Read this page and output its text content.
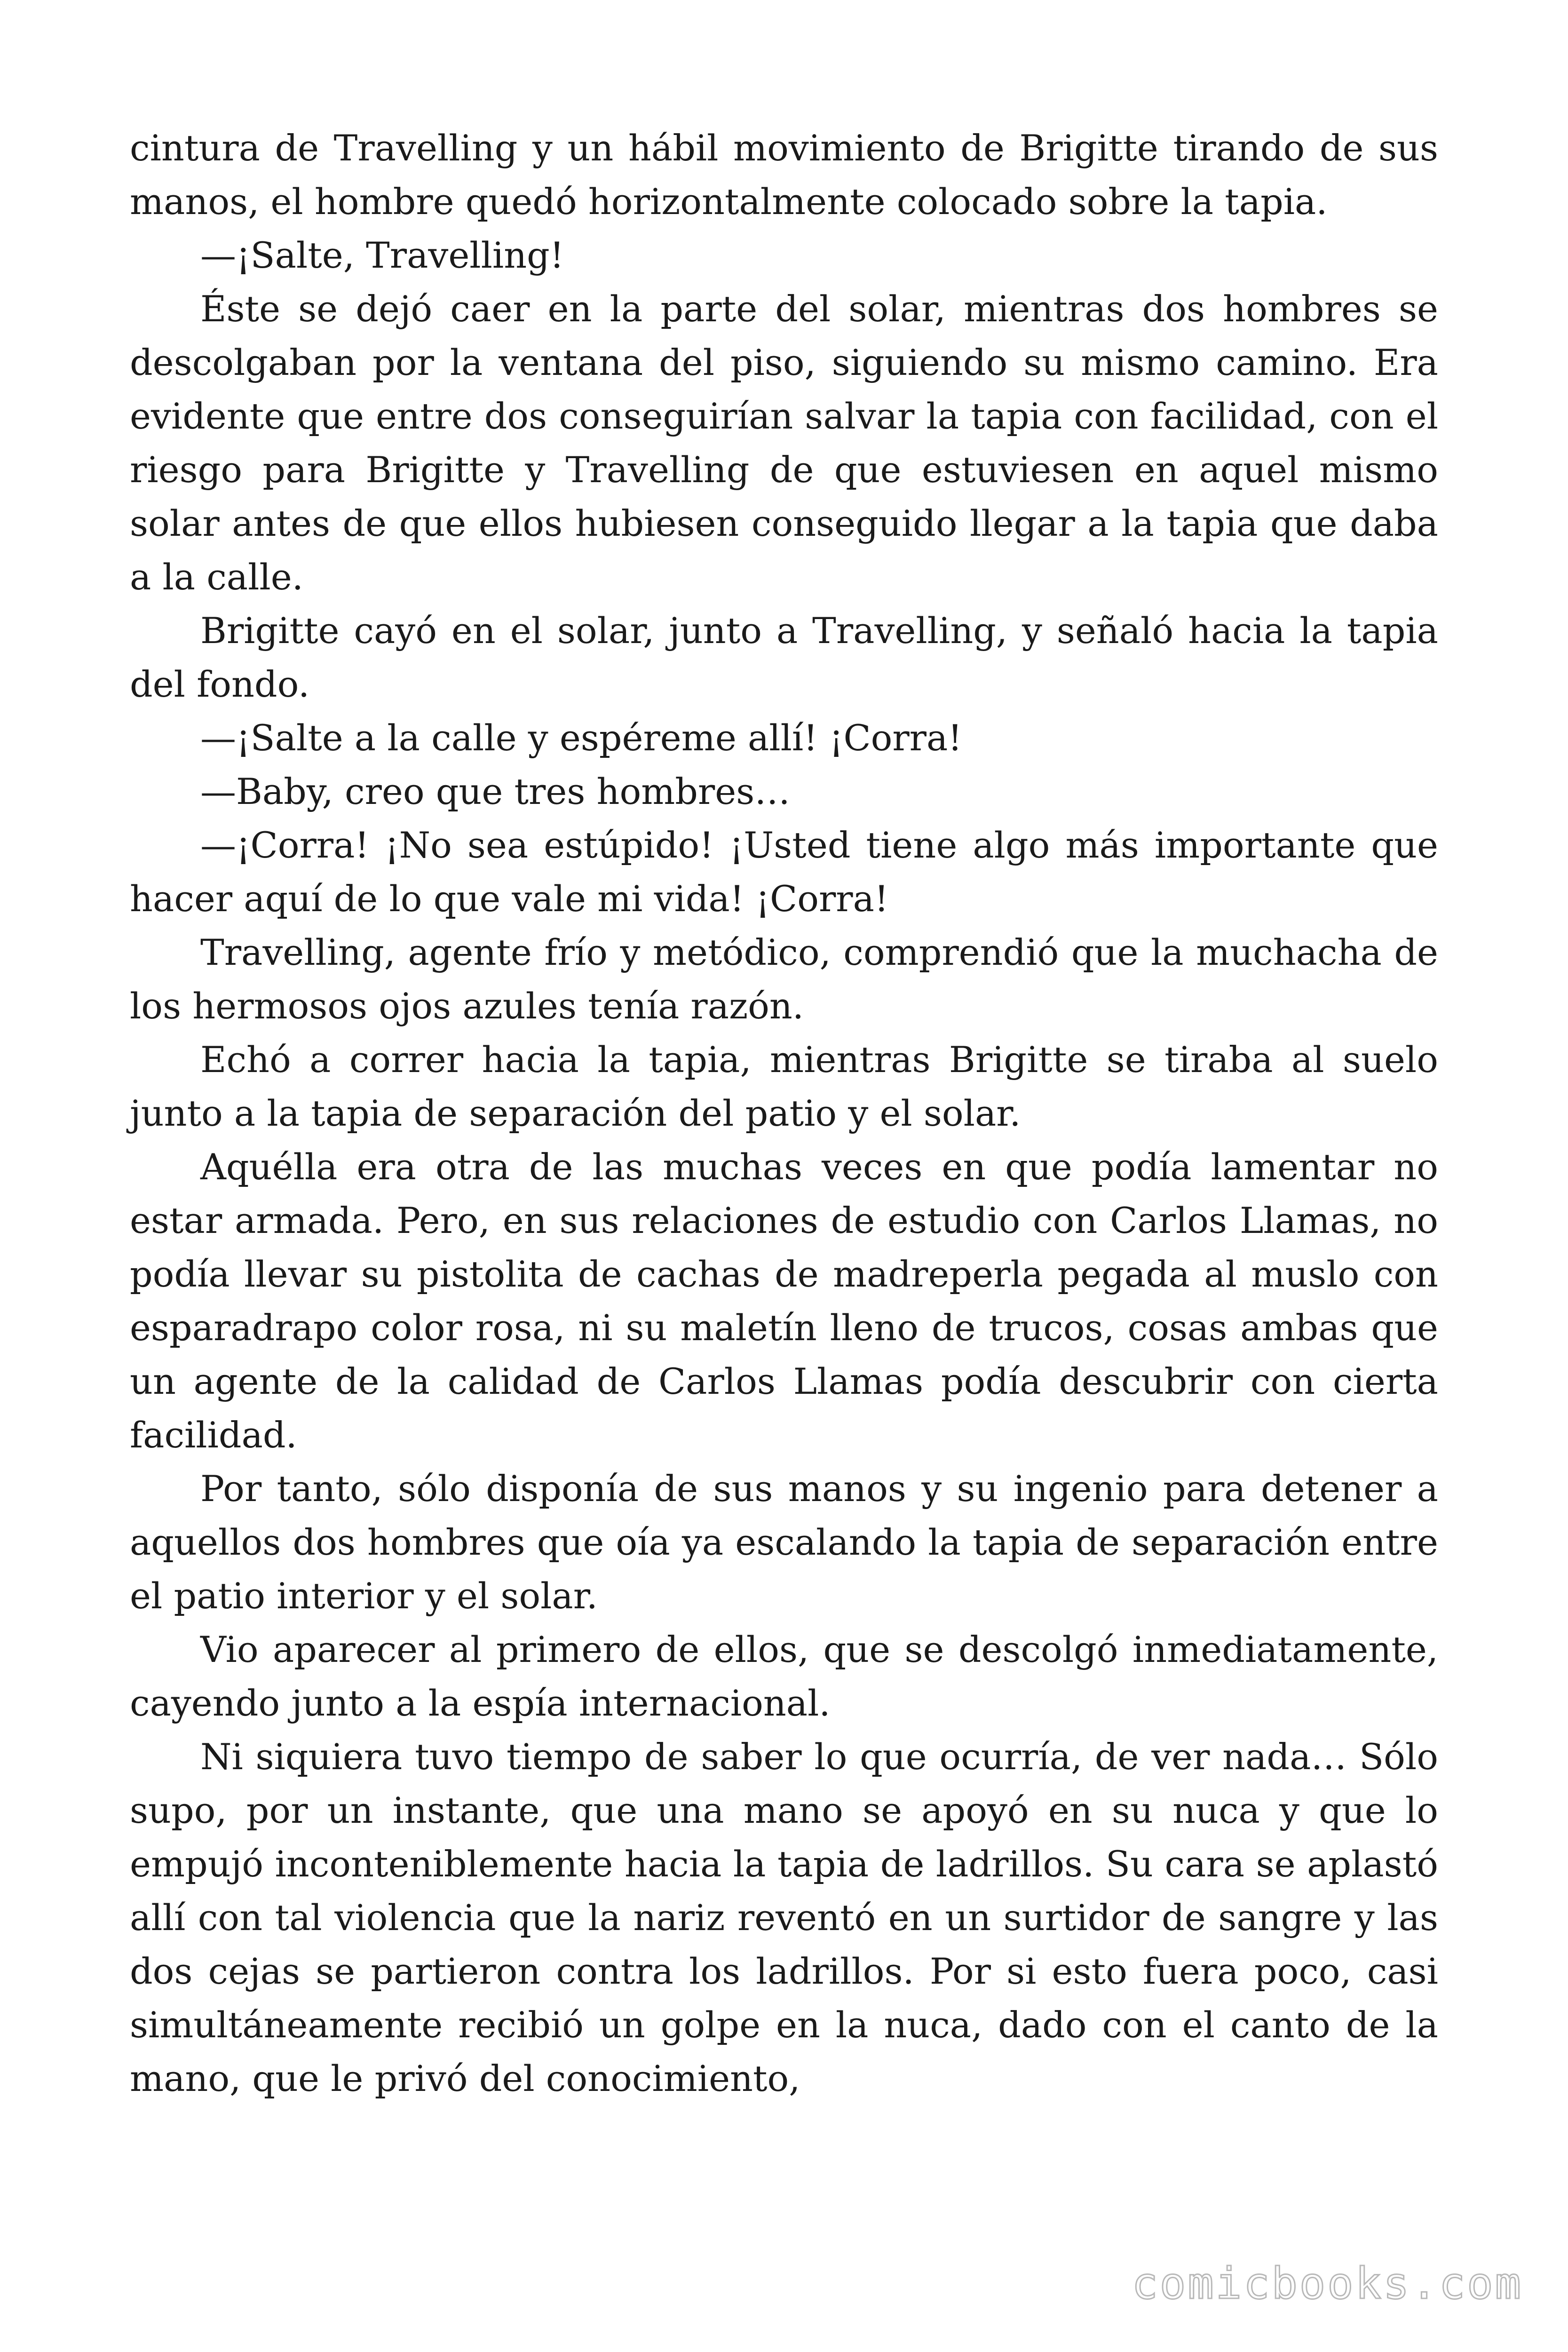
cintura de Travelling y un hábil movimiento de Brigitte tirando de sus manos, el hombre quedó horizontalmente colocado sobre la tapia.

—¡Salte, Travelling!

Éste se dejó caer en la parte del solar, mientras dos hombres se descolgaban por la ventana del piso, siguiendo su mismo camino. Era evidente que entre dos conseguirían salvar la tapia con facilidad, con el riesgo para Brigitte y Travelling de que estuviesen en aquel mismo solar antes de que ellos hubiesen conseguido llegar a la tapia que daba a la calle.

Brigitte cayó en el solar, junto a Travelling, y señaló hacia la tapia del fondo.

—¡Salte a la calle y espéreme allí! ¡Corra!

—Baby, creo que tres hombres…

—¡Corra! ¡No sea estúpido! ¡Usted tiene algo más importante que hacer aquí de lo que vale mi vida! ¡Corra!

Travelling, agente frío y metódico, comprendió que la muchacha de los hermosos ojos azules tenía razón.

Echó a correr hacia la tapia, mientras Brigitte se tiraba al suelo junto a la tapia de separación del patio y el solar.

Aquélla era otra de las muchas veces en que podía lamentar no estar armada. Pero, en sus relaciones de estudio con Carlos Llamas, no podía llevar su pistolita de cachas de madreperla pegada al muslo con esparadrapo color rosa, ni su maletín lleno de trucos, cosas ambas que un agente de la calidad de Carlos Llamas podía descubrir con cierta facilidad.

Por tanto, sólo disponía de sus manos y su ingenio para detener a aquellos dos hombres que oía ya escalando la tapia de separación entre el patio interior y el solar.

Vio aparecer al primero de ellos, que se descolgó inmediatamente, cayendo junto a la espía internacional.

Ni siquiera tuvo tiempo de saber lo que ocurría, de ver nada… Sólo supo, por un instante, que una mano se apoyó en su nuca y que lo empujó inconteniblemente hacia la tapia de ladrillos. Su cara se aplastó allí con tal violencia que la nariz reventó en un surtidor de sangre y las dos cejas se partieron contra los ladrillos. Por si esto fuera poco, casi simultáneamente recibió un golpe en la nuca, dado con el canto de la mano, que le privó del conocimiento,

comicbooks.com
